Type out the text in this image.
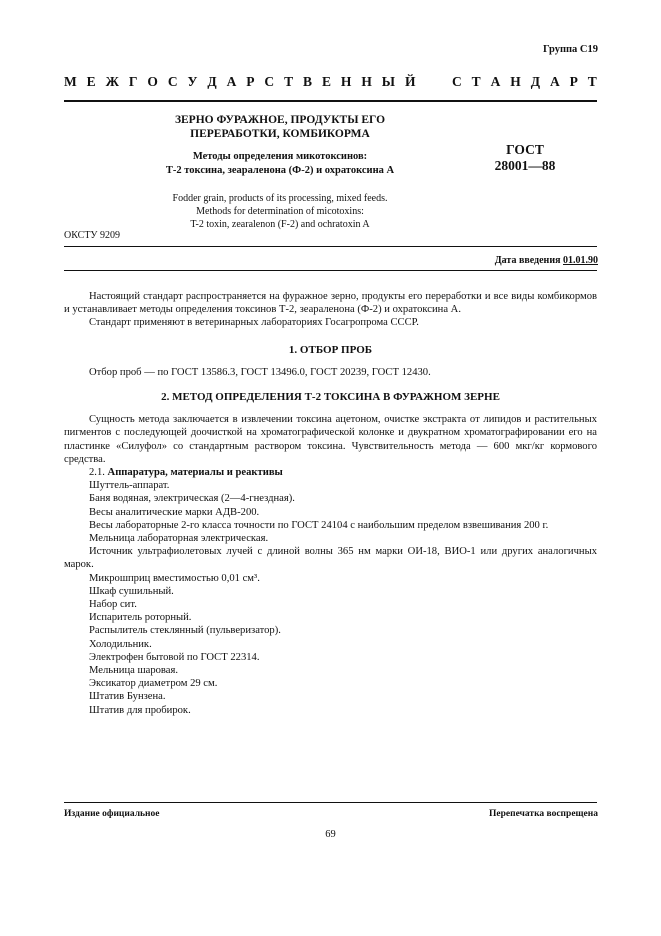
Группа С19
М Е Ж Г О С У Д А Р С Т В Е Н Н Ы Й

	С Т А Н Д А Р Т
ЗЕРНО ФУРАЖНОЕ, ПРОДУКТЫ ЕГО
ПЕРЕРАБОТКИ, КОМБИКОРМА
Методы определения микотоксинов:
Т-2 токсина, зеараленона (Ф-2) и охратоксина А
ГОСТ
28001—88
Fodder grain, products of its processing, mixed feeds.
Methods for determination of micotoxins:
T-2 toxin, zearalenon (F-2) and ochratoxin A
ОКСТУ 9209
Дата введения 01.01.90

Настоящий стандарт распространяется на фуражное зерно, продукты его переработки и все виды комбикормов и устанавливает методы определения токсинов Т-2, зеараленона (Ф-2) и охратоксина А.

Стандарт применяют в ветеринарных лабораториях Госагропрома СССР.

1. ОТБОР ПРОБ

Отбор проб — по ГОСТ 13586.3, ГОСТ 13496.0, ГОСТ 20239, ГОСТ 12430.

2. МЕТОД ОПРЕДЕЛЕНИЯ Т-2 ТОКСИНА В ФУРАЖНОМ ЗЕРНЕ

Сущность метода заключается в извлечении токсина ацетоном, очистке экстракта от липидов и растительных пигментов с последующей доочисткой на хроматографической колонке и двукратном хроматографировании его на пластинке «Силуфол» со стандартным раствором токсина. Чувствительность метода — 600 мкг/кг кормового средства.

2.1. Аппаратура, материалы и реактивы

Шуттель-аппарат.

Баня водяная, электрическая (2—4-гнездная).

Весы аналитические марки АДВ-200.

Весы лабораторные 2-го класса точности по ГОСТ 24104 с наибольшим пределом взвешивания 200 г.

Мельница лабораторная электрическая.

Источник ультрафиолетовых лучей с длиной волны 365 нм марки ОИ-18, ВИО-1 или других аналогичных марок.

Микрошприц вместимостью 0,01 см³.

Шкаф сушильный.

Набор сит.

Испаритель роторный.

Распылитель стеклянный (пульверизатор).

Холодильник.

Электрофен бытовой по ГОСТ 22314.

Мельница шаровая.

Эксикатор диаметром 29 см.

Штатив Бунзена.

Штатив для пробирок.

Издание официальное	Перепечатка воспрещена
69
